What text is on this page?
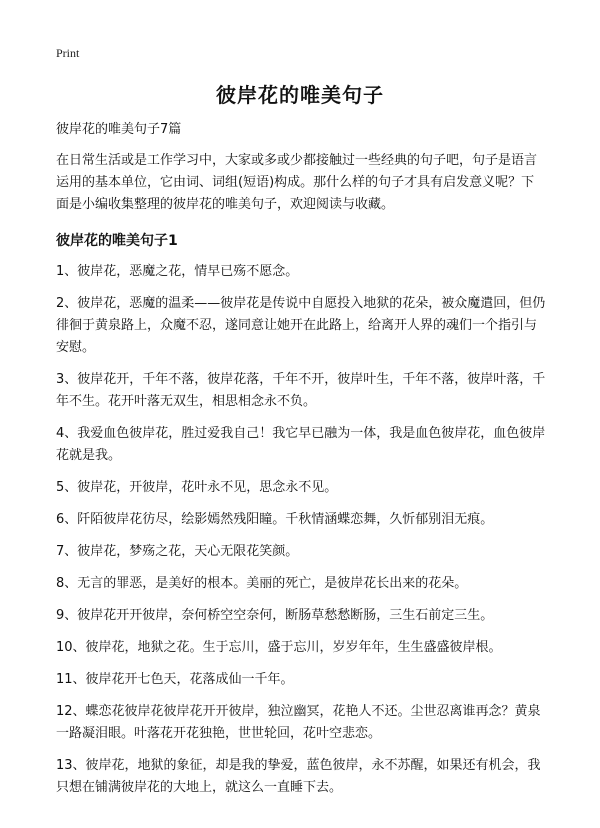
Print
彼岸花的唯美句子

彼岸花的唯美句子7篇

在日常生活或是工作学习中，大家或多或少都接触过一些经典的句子吧，句子是语言运用的基本单位，它由词、词组(短语)构成。那什么样的句子才具有启发意义呢？下面是小编收集整理的彼岸花的唯美句子，欢迎阅读与收藏。

彼岸花的唯美句子1

1、彼岸花，恶魔之花，情早已殇不愿念。

2、彼岸花，恶魔的温柔——彼岸花是传说中自愿投入地狱的花朵，被众魔遣回，但仍徘徊于黄泉路上，众魔不忍，遂同意让她开在此路上，给离开人界的魂们一个指引与安慰。

3、彼岸花开，千年不落，彼岸花落，千年不开，彼岸叶生，千年不落，彼岸叶落，千年不生。花开叶落无双生，相思相念永不负。

4、我爱血色彼岸花，胜过爱我自己！我它早已融为一体，我是血色彼岸花，血色彼岸花就是我。

5、彼岸花，开彼岸，花叶永不见，思念永不见。

6、阡陌彼岸花彷尽，绘影嫣然残阳瞳。千秋情涵蝶恋舞，久忻郁别泪无痕。

7、彼岸花，梦殇之花，天心无限花笑颜。

8、无言的罪恶，是美好的根本。美丽的死亡，是彼岸花长出来的花朵。

9、彼岸花开开彼岸，奈何桥空空奈何，断肠草愁愁断肠，三生石前定三生。

10、彼岸花，地狱之花。生于忘川，盛于忘川，岁岁年年，生生盛盛彼岸根。

11、彼岸花开七色天，花落成仙一千年。

12、蝶恋花彼岸花彼岸花开开彼岸，独泣幽冥，花艳人不还。尘世忍离谁再念？黄泉一路凝泪眼。叶落花开花独艳，世世轮回，花叶空悲恋。

13、彼岸花，地狱的象征，却是我的挚爱，蓝色彼岸，永不苏醒，如果还有机会，我只想在铺满彼岸花的大地上，就这么一直睡下去。
